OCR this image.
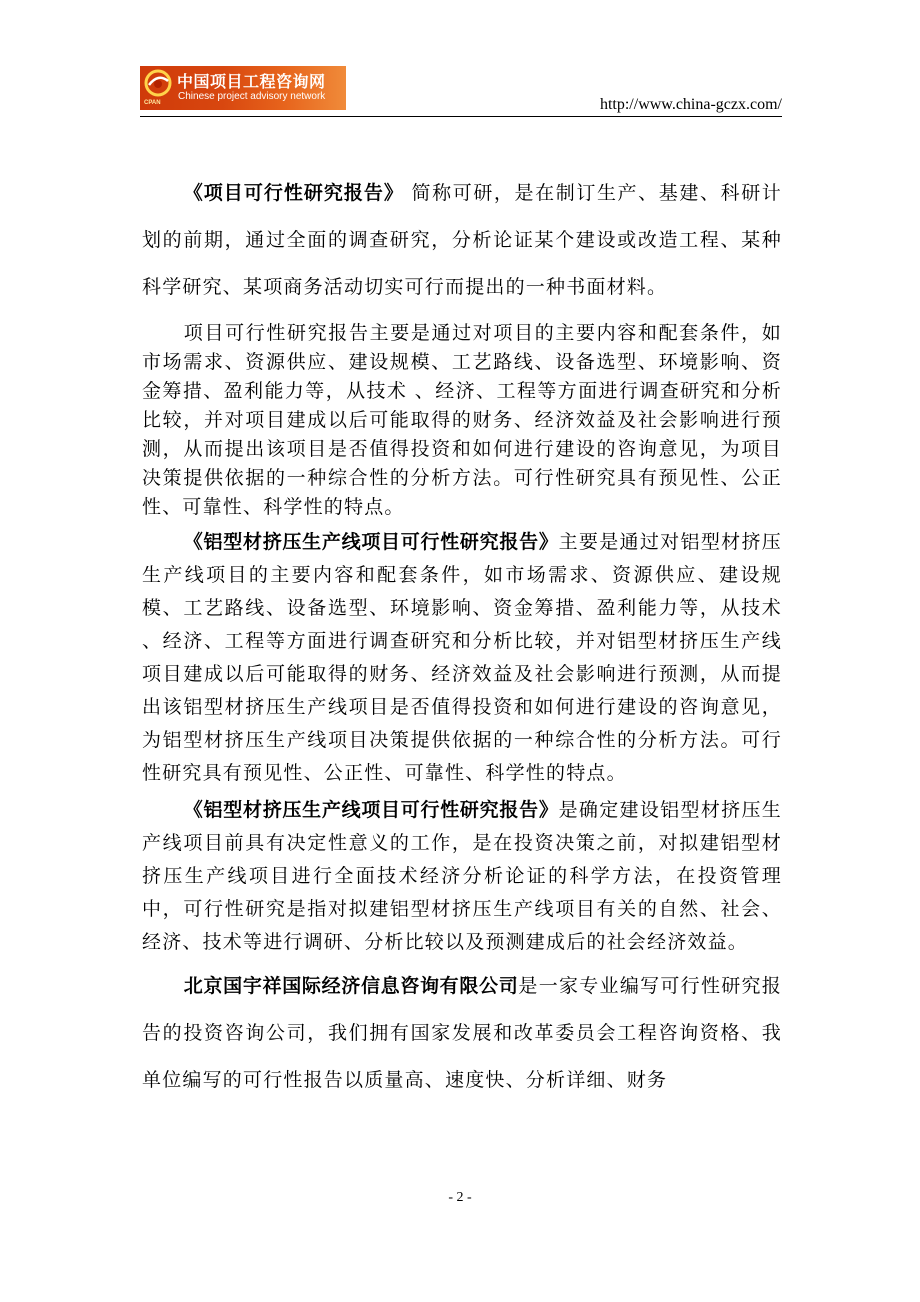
CPAN
中国项目工程咨询网
Chinese project advisory network	http://www.china-gczx.com/

《项目可行性研究报告》 简称可研，是在制订生产、基建、科研计划的前期，通过全面的调查研究，分析论证某个建设或改造工程、某种科学研究、某项商务活动切实可行而提出的一种书面材料。

项目可行性研究报告主要是通过对项目的主要内容和配套条件，如市场需求、资源供应、建设规模、工艺路线、设备选型、环境影响、资金筹措、盈利能力等，从技术 、经济、工程等方面进行调查研究和分析比较，并对项目建成以后可能取得的财务、经济效益及社会影响进行预测，从而提出该项目是否值得投资和如何进行建设的咨询意见，为项目决策提供依据的一种综合性的分析方法。可行性研究具有预见性、公正性、可靠性、科学性的特点。

《铝型材挤压生产线项目可行性研究报告》主要是通过对铝型材挤压生产线项目的主要内容和配套条件，如市场需求、资源供应、建设规模、工艺路线、设备选型、环境影响、资金筹措、盈利能力等，从技术 、经济、工程等方面进行调查研究和分析比较，并对铝型材挤压生产线项目建成以后可能取得的财务、经济效益及社会影响进行预测，从而提出该铝型材挤压生产线项目是否值得投资和如何进行建设的咨询意见，为铝型材挤压生产线项目决策提供依据的一种综合性的分析方法。可行性研究具有预见性、公正性、可靠性、科学性的特点。

《铝型材挤压生产线项目可行性研究报告》是确定建设铝型材挤压生产线项目前具有决定性意义的工作，是在投资决策之前，对拟建铝型材挤压生产线项目进行全面技术经济分析论证的科学方法，在投资管理中，可行性研究是指对拟建铝型材挤压生产线项目有关的自然、社会、经济、技术等进行调研、分析比较以及预测建成后的社会经济效益。

北京国宇祥国际经济信息咨询有限公司是一家专业编写可行性研究报告的投资咨询公司，我们拥有国家发展和改革委员会工程咨询资格、我单位编写的可行性报告以质量高、速度快、分析详细、财务

- 2 -
